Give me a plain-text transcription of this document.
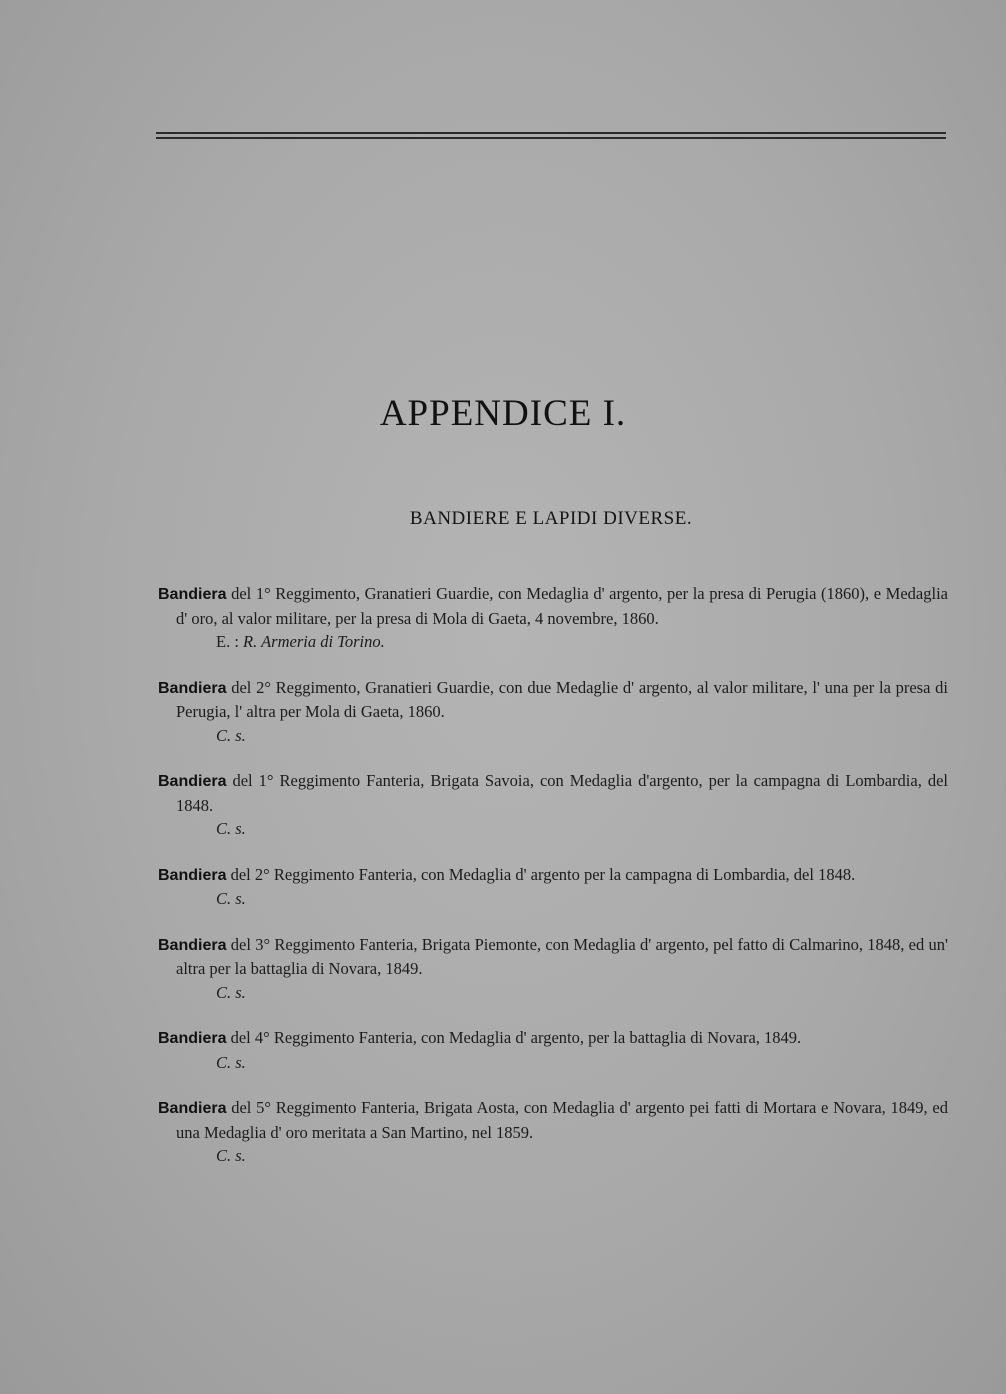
APPENDICE I.
BANDIERE E LAPIDI DIVERSE.
Bandiera del 1° Reggimento, Granatieri Guardie, con Medaglia d' argento, per la presa di Perugia (1860), e Medaglia d' oro, al valor militare, per la presa di Mola di Gaeta, 4 novembre, 1860.
E. : R. Armeria di Torino.
Bandiera del 2° Reggimento, Granatieri Guardie, con due Medaglie d' argento, al valor militare, l' una per la presa di Perugia, l' altra per Mola di Gaeta, 1860.
C. s.
Bandiera del 1° Reggimento Fanteria, Brigata Savoia, con Medaglia d'argento, per la campagna di Lombardia, del 1848.
C. s.
Bandiera del 2° Reggimento Fanteria, con Medaglia d' argento per la campagna di Lombardia, del 1848.
C. s.
Bandiera del 3° Reggimento Fanteria, Brigata Piemonte, con Medaglia d' argento, pel fatto di Calmarino, 1848, ed un' altra per la battaglia di Novara, 1849.
C. s.
Bandiera del 4° Reggimento Fanteria, con Medaglia d' argento, per la battaglia di Novara, 1849.
C. s.
Bandiera del 5° Reggimento Fanteria, Brigata Aosta, con Medaglia d' argento pei fatti di Mortara e Novara, 1849, ed una Medaglia d' oro meritata a San Martino, nel 1859.
C. s.
